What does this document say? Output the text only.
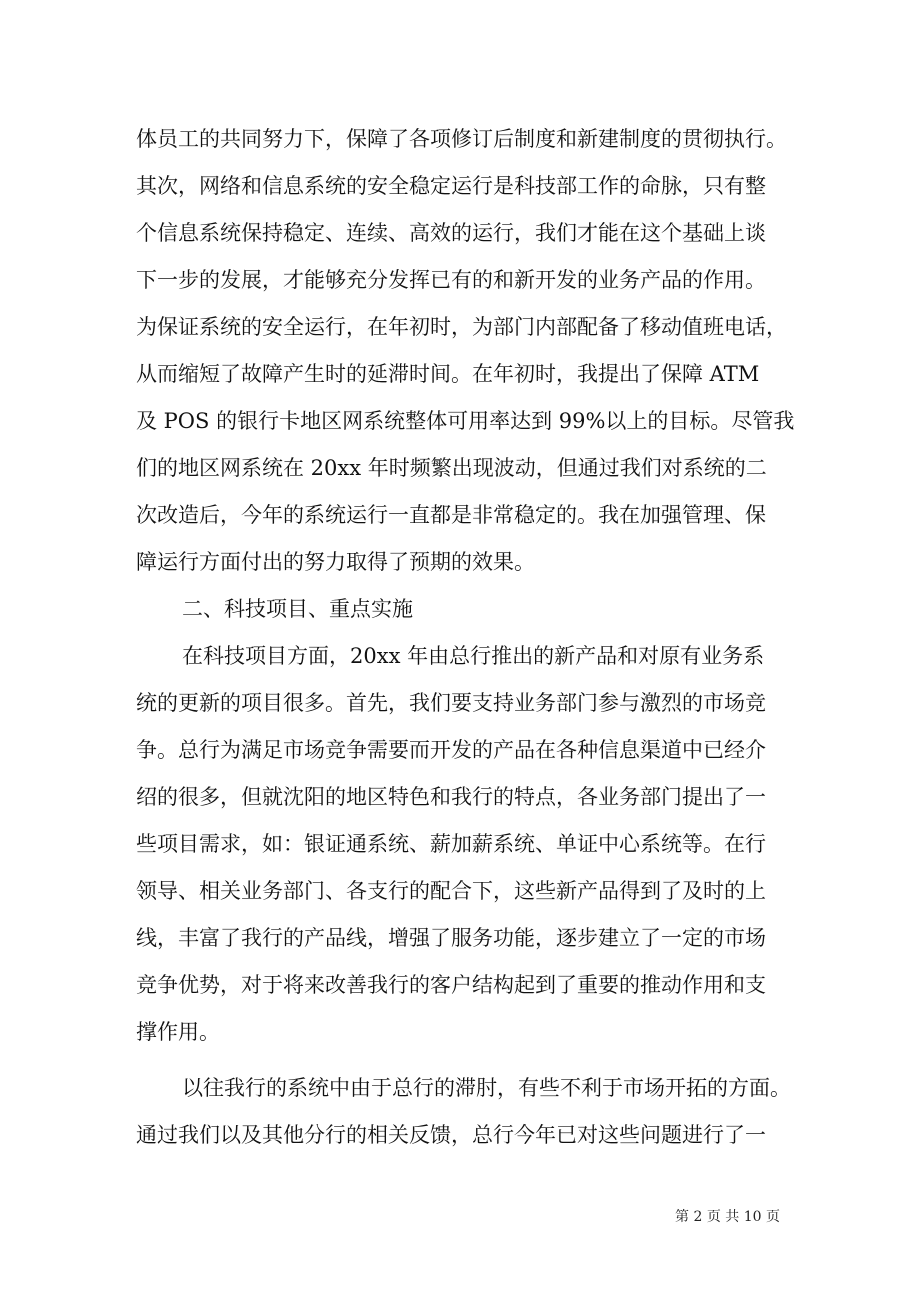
体员工的共同努力下，保障了各项修订后制度和新建制度的贯彻执行。
其次，网络和信息系统的安全稳定运行是科技部工作的命脉，只有整
个信息系统保持稳定、连续、高效的运行，我们才能在这个基础上谈
下一步的发展，才能够充分发挥已有的和新开发的业务产品的作用。
为保证系统的安全运行，在年初时，为部门内部配备了移动值班电话，
从而缩短了故障产生时的延滞时间。在年初时，我提出了保障 ATM
及 POS 的银行卡地区网系统整体可用率达到 99%以上的目标。尽管我
们的地区网系统在 20xx 年时频繁出现波动，但通过我们对系统的二
次改造后，今年的系统运行一直都是非常稳定的。我在加强管理、保
障运行方面付出的努力取得了预期的效果。
二、科技项目、重点实施
在科技项目方面，20xx 年由总行推出的新产品和对原有业务系
统的更新的项目很多。首先，我们要支持业务部门参与激烈的市场竞
争。总行为满足市场竞争需要而开发的产品在各种信息渠道中已经介
绍的很多，但就沈阳的地区特色和我行的特点，各业务部门提出了一
些项目需求，如：银证通系统、薪加薪系统、单证中心系统等。在行
领导、相关业务部门、各支行的配合下，这些新产品得到了及时的上
线，丰富了我行的产品线，增强了服务功能，逐步建立了一定的市场
竞争优势，对于将来改善我行的客户结构起到了重要的推动作用和支
撑作用。
以往我行的系统中由于总行的滞肘，有些不利于市场开拓的方面。
通过我们以及其他分行的相关反馈，总行今年已对这些问题进行了一
第 2 页 共 10 页
